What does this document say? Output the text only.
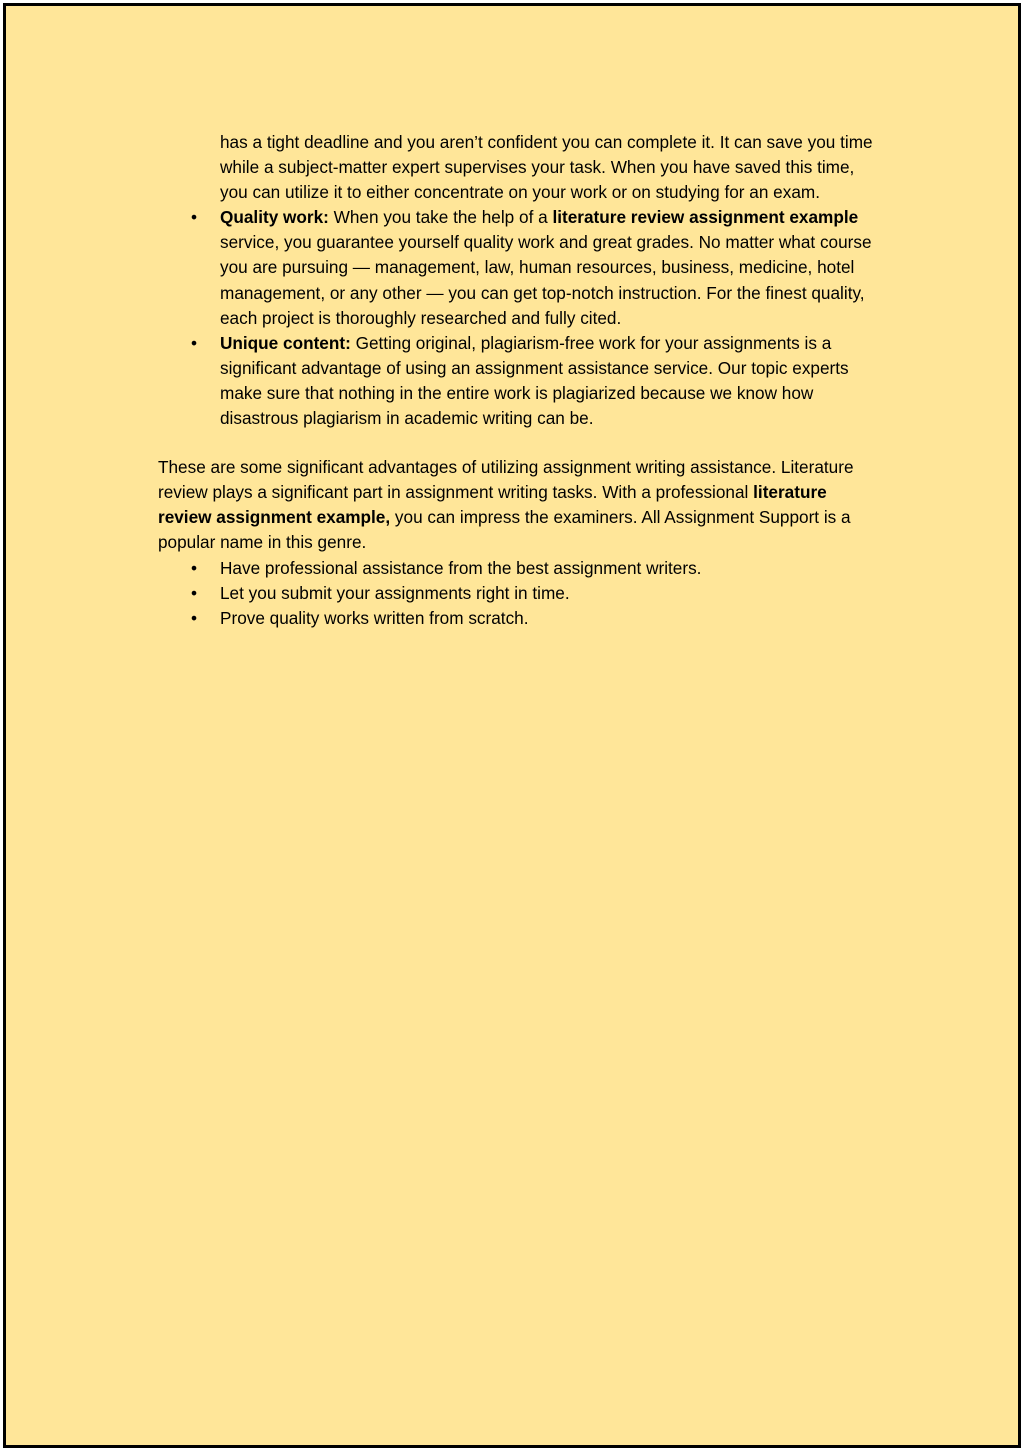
has a tight deadline and you aren’t confident you can complete it. It can save you time while a subject-matter expert supervises your task. When you have saved this time, you can utilize it to either concentrate on your work or on studying for an exam.

• Quality work: When you take the help of a literature review assignment example service, you guarantee yourself quality work and great grades. No matter what course you are pursuing — management, law, human resources, business, medicine, hotel management, or any other — you can get top-notch instruction. For the finest quality, each project is thoroughly researched and fully cited.
• Unique content: Getting original, plagiarism-free work for your assignments is a significant advantage of using an assignment assistance service. Our topic experts make sure that nothing in the entire work is plagiarized because we know how disastrous plagiarism in academic writing can be.

These are some significant advantages of utilizing assignment writing assistance. Literature review plays a significant part in assignment writing tasks. With a professional literature review assignment example, you can impress the examiners. All Assignment Support is a popular name in this genre.

• Have professional assistance from the best assignment writers.
• Let you submit your assignments right in time.
• Prove quality works written from scratch.
